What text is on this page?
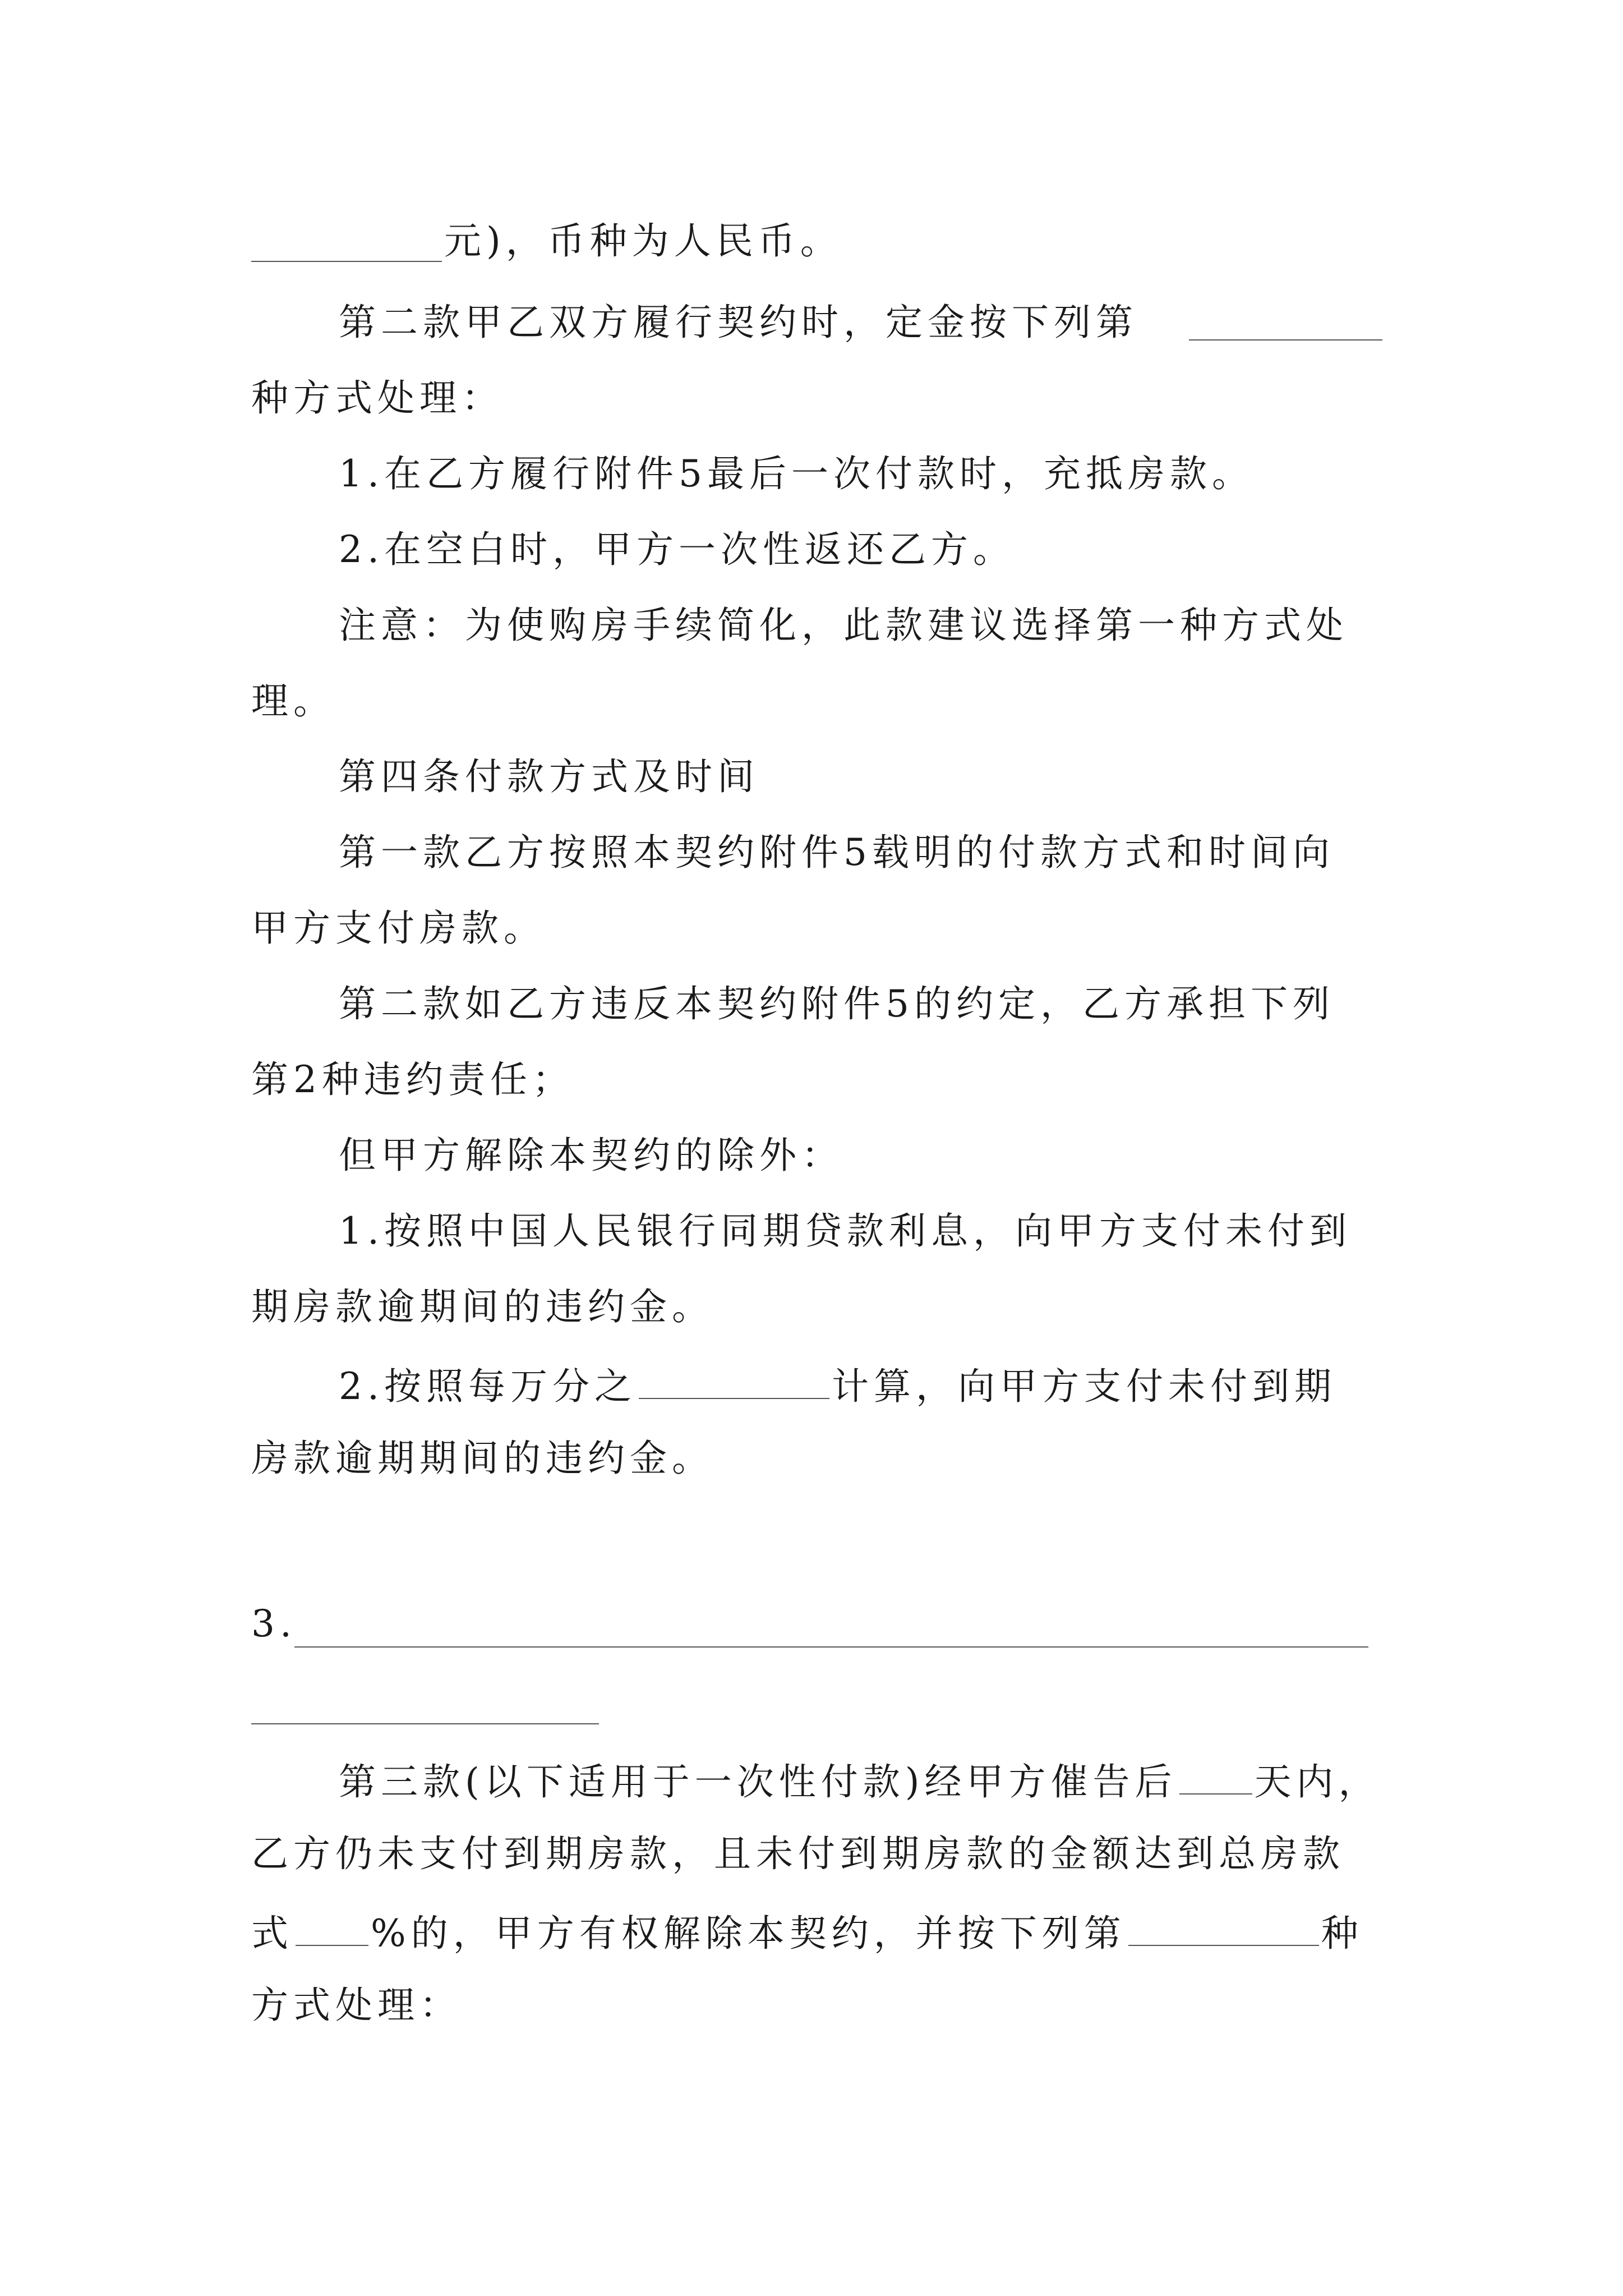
元)，币种为人民币。
第二款甲乙双方履行契约时，定金按下列第
种方式处理：
1.在乙方履行附件5最后一次付款时，充抵房款。
2.在空白时，甲方一次性返还乙方。
注意：为使购房手续简化，此款建议选择第一种方式处
理。
第四条付款方式及时间
第一款乙方按照本契约附件5载明的付款方式和时间向
甲方支付房款。
第二款如乙方违反本契约附件5的约定，乙方承担下列
第2种违约责任；
但甲方解除本契约的除外：
1.按照中国人民银行同期贷款利息，向甲方支付未付到
期房款逾期间的违约金。
2.按照每万分之	计算，向甲方支付未付到期
房款逾期期间的违约金。
3.
第三款(以下适用于一次性付款)经甲方催告后 天内，
乙方仍未支付到期房款，且未付到期房款的金额达到总房款
式 %的，甲方有权解除本契约，并按下列第	种
方式处理：
